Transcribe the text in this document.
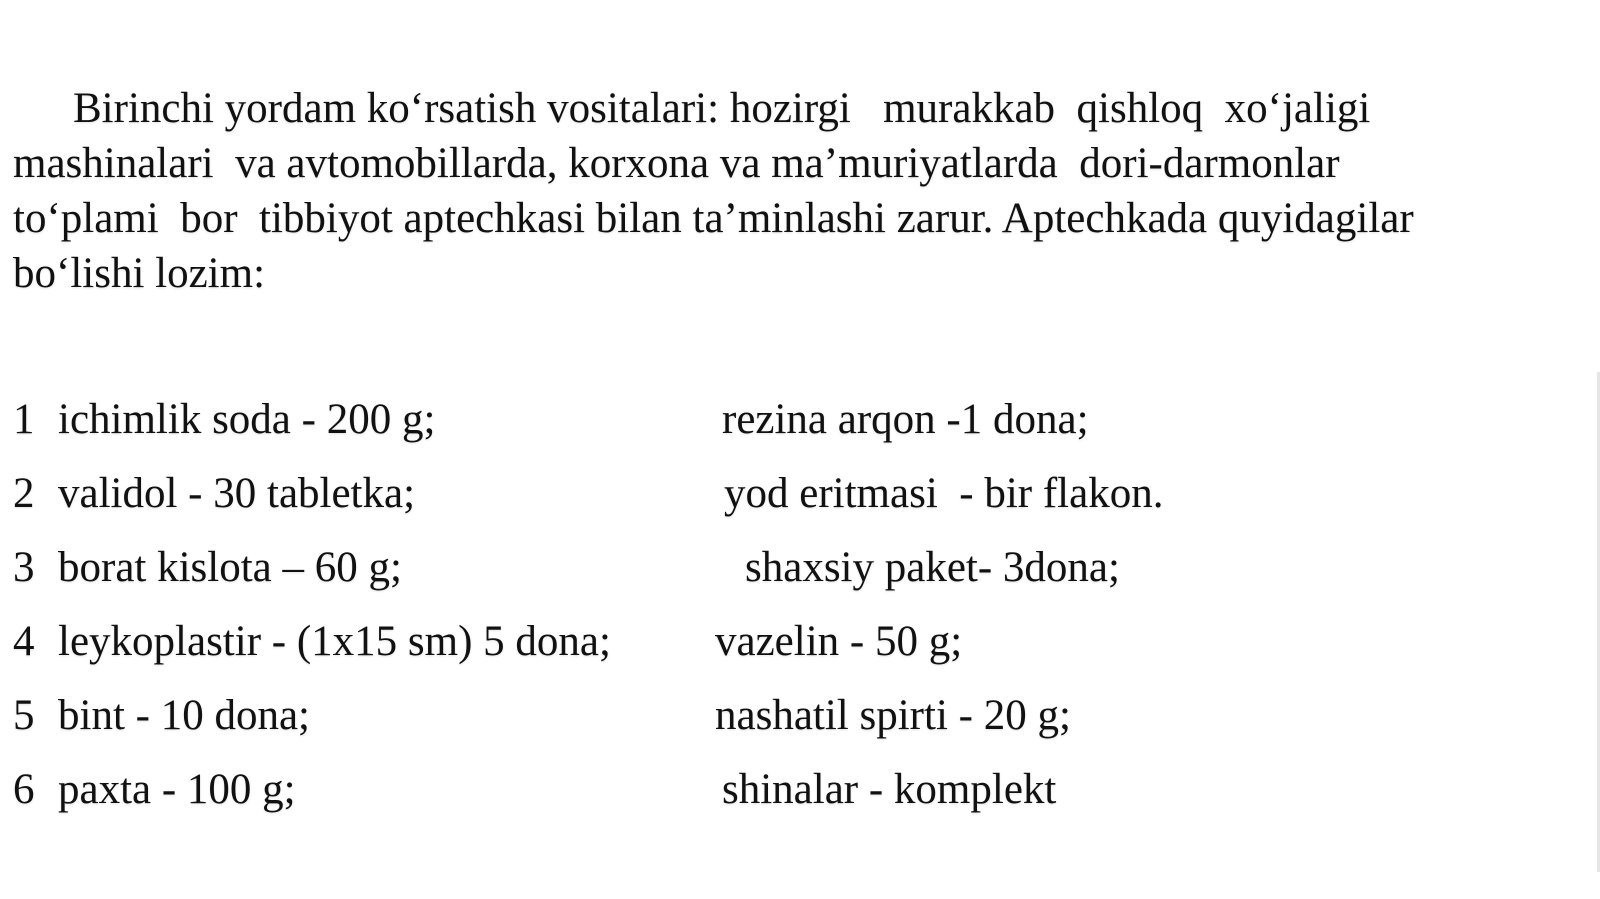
Birinchi yordam ko‘rsatish vositalari: hozirgi   murakkab  qishloq  xo‘jaligi
mashinalari  va avtomobillarda, korxona va ma’muriyatlarda  dori-darmonlar
to‘plami  bor  tibbiyot aptechkasi bilan ta’minlashi zarur. Aptechkada quyidagilar
bo‘lishi lozim:
1 ichimlik soda - 200 g;	rezina arqon -1 dona;
2 validol - 30 tabletka;	yod eritmasi  - bir flakon.
3 borat kislota – 60 g;	shaxsiy paket- 3dona;
4 leykoplastir - (1x15 sm) 5 dona; vazelin - 50 g;
5 bint - 10 dona;	nashatil spirti - 20 g;
6 paxta - 100 g;	shinalar - komplekt
